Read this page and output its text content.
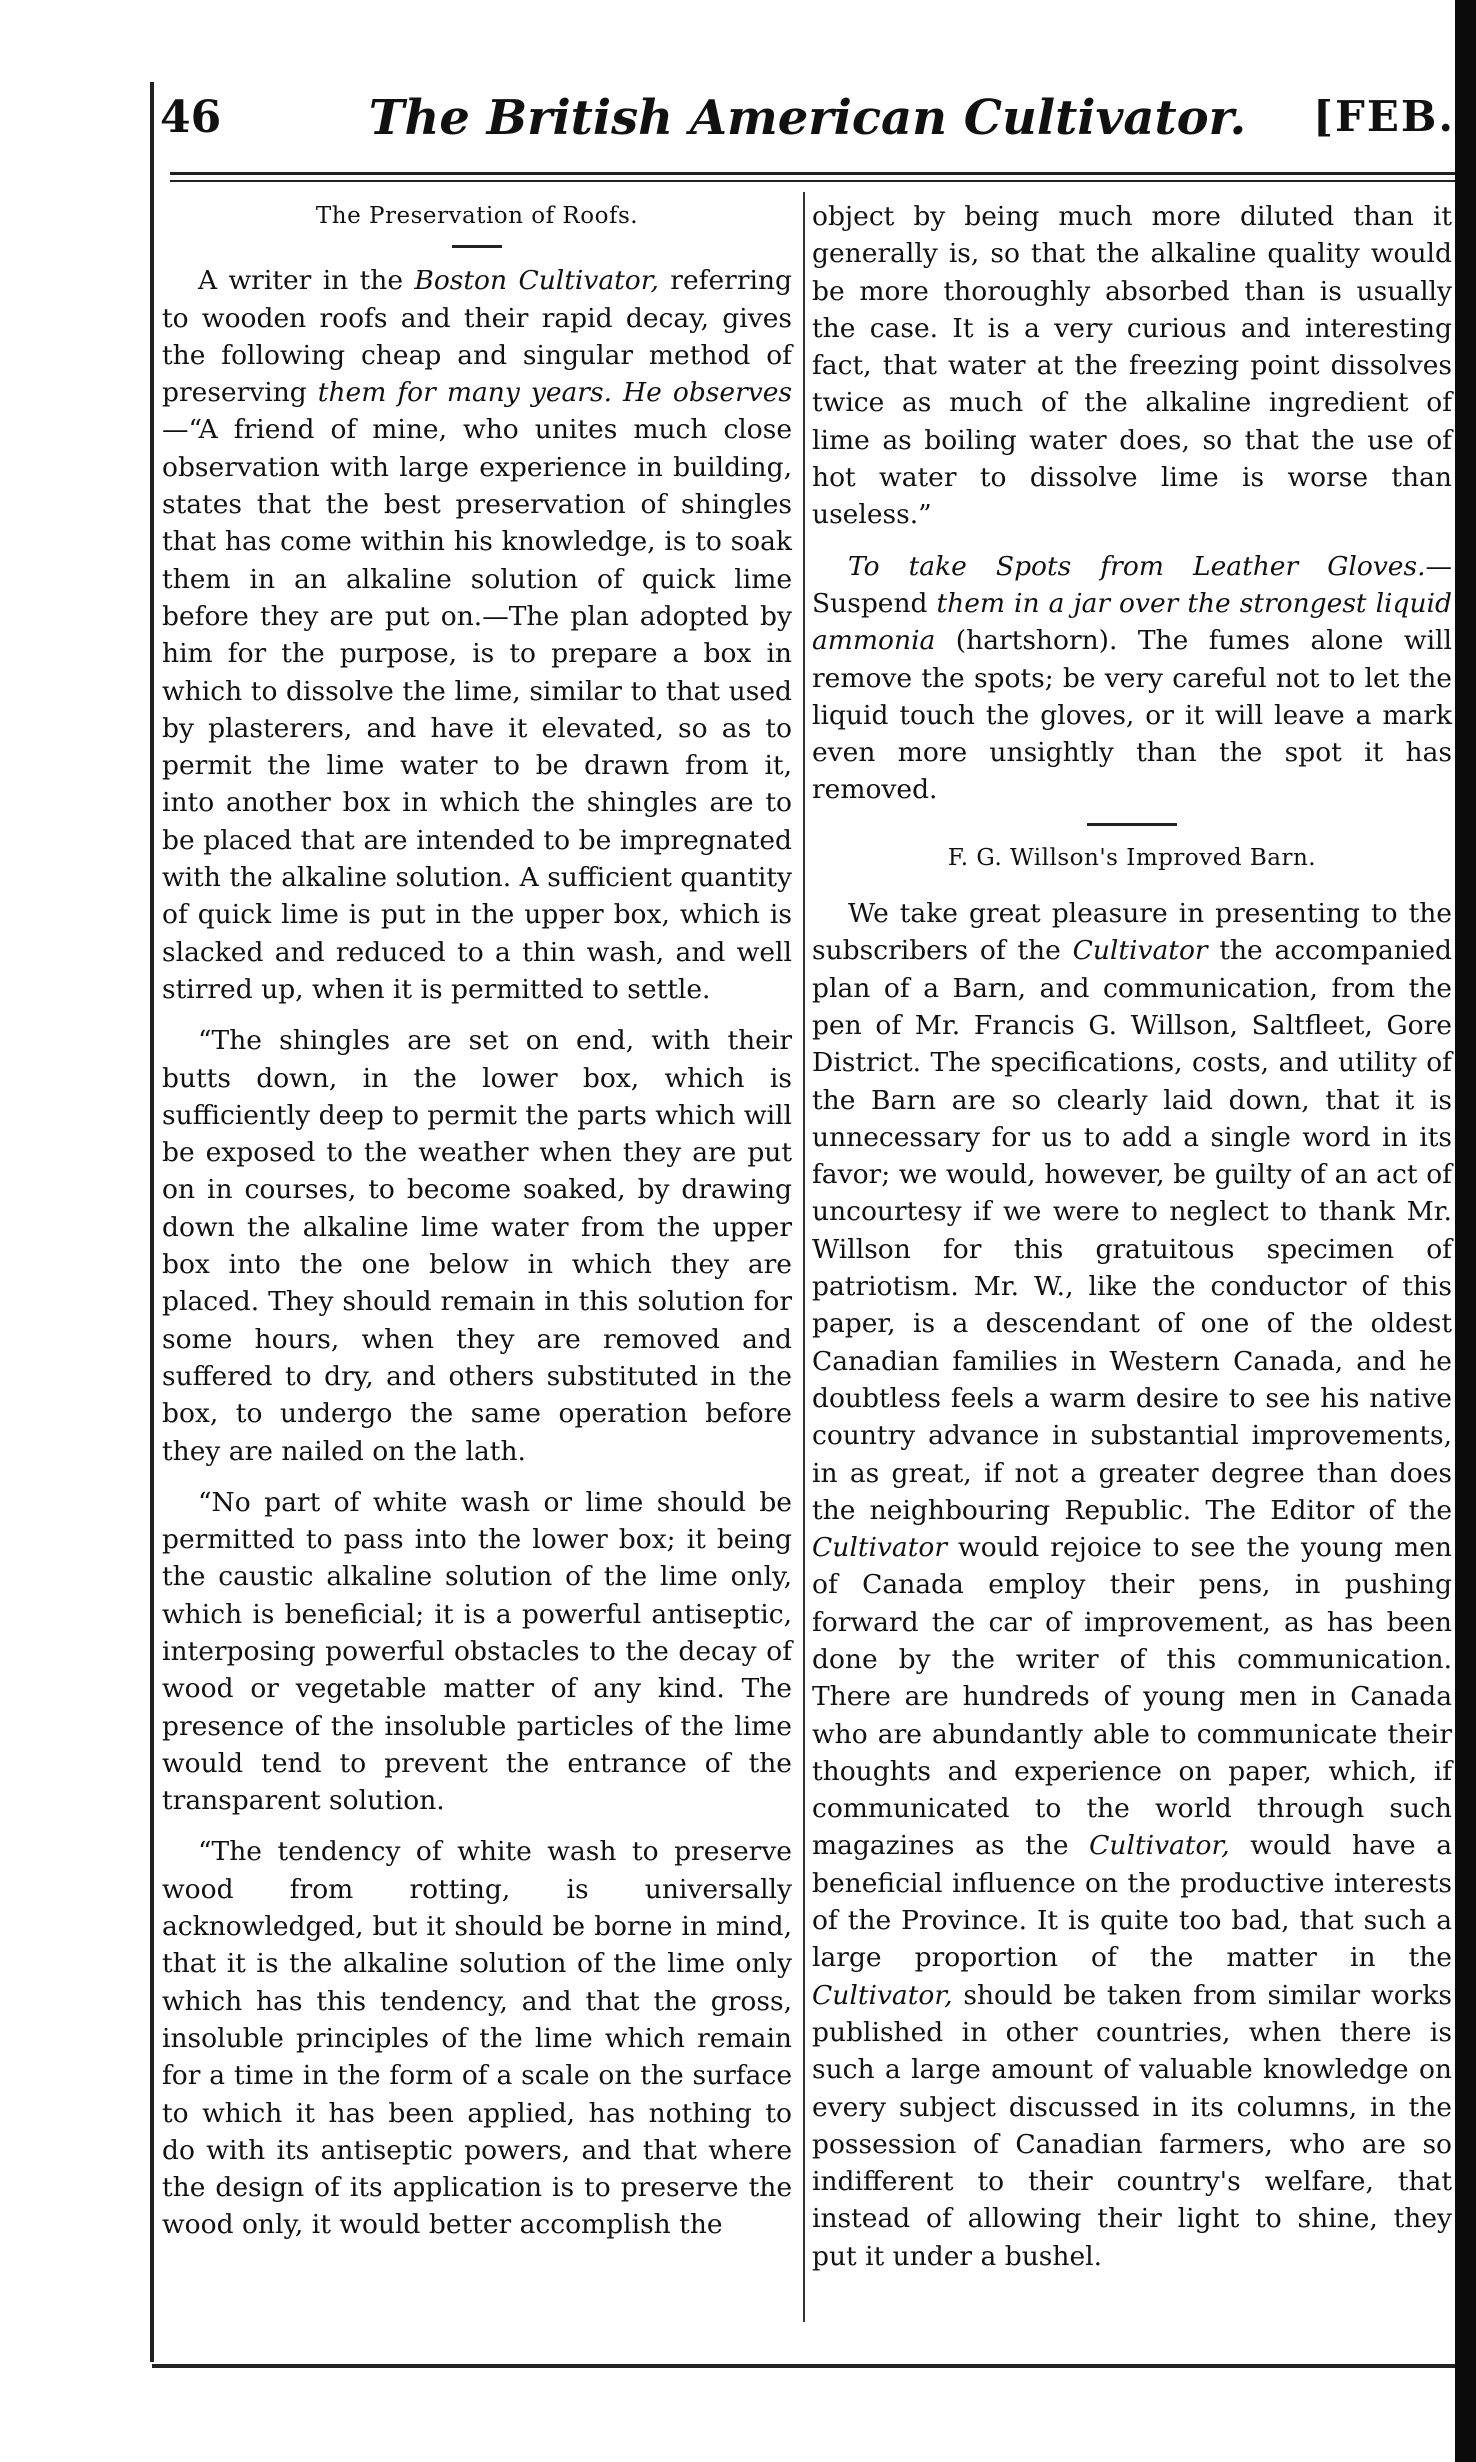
46	The British American Cultivator.	[FEB.
The Preservation of Roofs.

A writer in the Boston Cultivator, referring to wooden roofs and their rapid decay, gives the following cheap and singular method of preserving them for many years. He observes—“A friend of mine, who unites much close observation with large experience in building, states that the best preservation of shingles that has come within his knowledge, is to soak them in an alkaline solution of quick lime before they are put on.—The plan adopted by him for the purpose, is to prepare a box in which to dissolve the lime, similar to that used by plasterers, and have it elevated, so as to permit the lime water to be drawn from it, into another box in which the shingles are to be placed that are intended to be impregnated with the alkaline solution. A sufficient quantity of quick lime is put in the upper box, which is slacked and reduced to a thin wash, and well stirred up, when it is permitted to settle.

“The shingles are set on end, with their butts down, in the lower box, which is sufficiently deep to permit the parts which will be exposed to the weather when they are put on in courses, to become soaked, by drawing down the alkaline lime water from the upper box into the one below in which they are placed. They should remain in this solution for some hours, when they are removed and suffered to dry, and others substituted in the box, to undergo the same operation before they are nailed on the lath.

“No part of white wash or lime should be permitted to pass into the lower box; it being the caustic alkaline solution of the lime only, which is beneficial; it is a powerful antiseptic, interposing powerful obstacles to the decay of wood or vegetable matter of any kind. The presence of the insoluble particles of the lime would tend to prevent the entrance of the transparent solution.

“The tendency of white wash to preserve wood from rotting, is universally acknowledged, but it should be borne in mind, that it is the alkaline solution of the lime only which has this tendency, and that the gross, insoluble principles of the lime which remain for a time in the form of a scale on the surface to which it has been applied, has nothing to do with its antiseptic powers, and that where the design of its application is to preserve the wood only, it would better accomplish the

object by being much more diluted than it generally is, so that the alkaline quality would be more thoroughly absorbed than is usually the case. It is a very curious and interesting fact, that water at the freezing point dissolves twice as much of the alkaline ingredient of lime as boiling water does, so that the use of hot water to dissolve lime is worse than useless.”

To take Spots from Leather Gloves.—Suspend them in a jar over the strongest liquid ammonia (hartshorn). The fumes alone will remove the spots; be very careful not to let the liquid touch the gloves, or it will leave a mark even more unsightly than the spot it has removed.

F. G. Willson's Improved Barn.

We take great pleasure in presenting to the subscribers of the Cultivator the accompanied plan of a Barn, and communication, from the pen of Mr. Francis G. Willson, Saltfleet, Gore District. The specifications, costs, and utility of the Barn are so clearly laid down, that it is unnecessary for us to add a single word in its favor; we would, however, be guilty of an act of uncourtesy if we were to neglect to thank Mr. Willson for this gratuitous specimen of patriotism. Mr. W., like the conductor of this paper, is a descendant of one of the oldest Canadian families in Western Canada, and he doubtless feels a warm desire to see his native country advance in substantial improvements, in as great, if not a greater degree than does the neighbouring Republic. The Editor of the Cultivator would rejoice to see the young men of Canada employ their pens, in pushing forward the car of improvement, as has been done by the writer of this communication. There are hundreds of young men in Canada who are abundantly able to communicate their thoughts and experience on paper, which, if communicated to the world through such magazines as the Cultivator, would have a beneficial influence on the productive interests of the Province. It is quite too bad, that such a large proportion of the matter in the Cultivator, should be taken from similar works published in other countries, when there is such a large amount of valuable knowledge on every subject discussed in its columns, in the possession of Canadian farmers, who are so indifferent to their country's welfare, that instead of allowing their light to shine, they put it under a bushel.
